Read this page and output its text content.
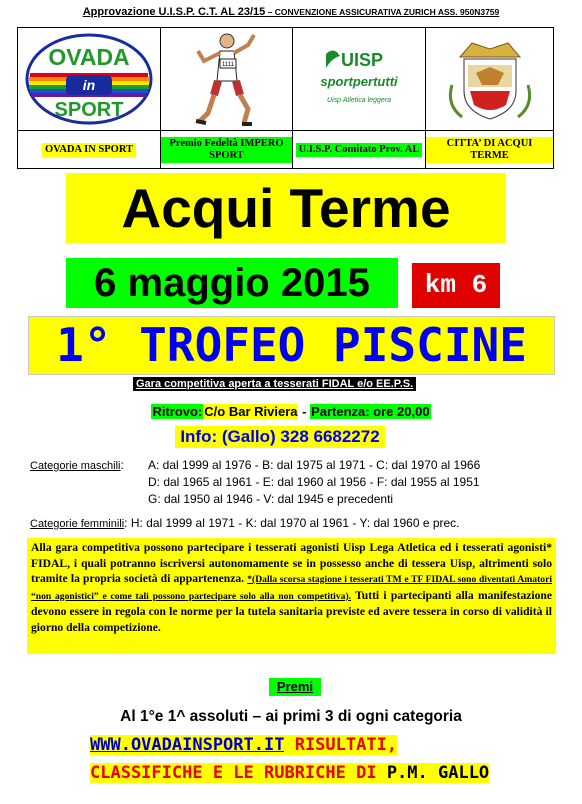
Approvazione U.I.S.P. C.T. AL 23/15 – CONVENZIONE ASSICURATIVA ZURICH ASS. 950N3759
OVADA
in
SPORT
1111	UISP
sportpertutti
Uisp Atletica leggera
OVADA IN SPORT
Premio Fedeltà IMPERO SPORT
U.I.S.P. Comitato Prov. AL
CITTA’ DI ACQUI TERME
Acqui Terme
6 maggio 2015	km 6
1° TROFEO PISCINE
Gara competitiva aperta a tesserati FIDAL e/o EE.P.S.
Ritrovo: C/o Bar Riviera - Partenza: ore 20,00
Info: (Gallo) 328 6682272
Categorie maschili: A: dal 1999 al 1976 - B: dal 1975 al 1971 - C: dal 1970 al 1966
D: dal 1965 al 1961 - E: dal 1960 al 1956 - F: dal 1955 al 1951
G: dal 1950 al 1946 - V: dal 1945 e precedenti
Categorie femminili: H: dal 1999 al 1971 - K: dal 1970 al 1961 - Y: dal 1960 e prec.
Alla gara competitiva possono partecipare i tesserati agonisti Uisp Lega Atletica ed i tesserati agonisti* FIDAL, i quali potranno iscriversi autonomamente se in possesso anche di tessera Uisp, altrimenti solo tramite la propria società di appartenenza. *(Dalla scorsa stagione i tesserati TM e TF FIDAL sono diventati Amatori “non agonistici” e come tali possono partecipare solo alla non competitiva). Tutti i partecipanti alla manifestazione devono essere in regola con le norme per la tutela sanitaria previste ed avere tessera in corso di validità il giorno della competizione.
Premi
Al 1°e 1^ assoluti – ai primi 3 di ogni categoria
WWW.OVADAINSPORT.IT RISULTATI,
CLASSIFICHE E LE RUBRICHE DI P.M. GALLO
